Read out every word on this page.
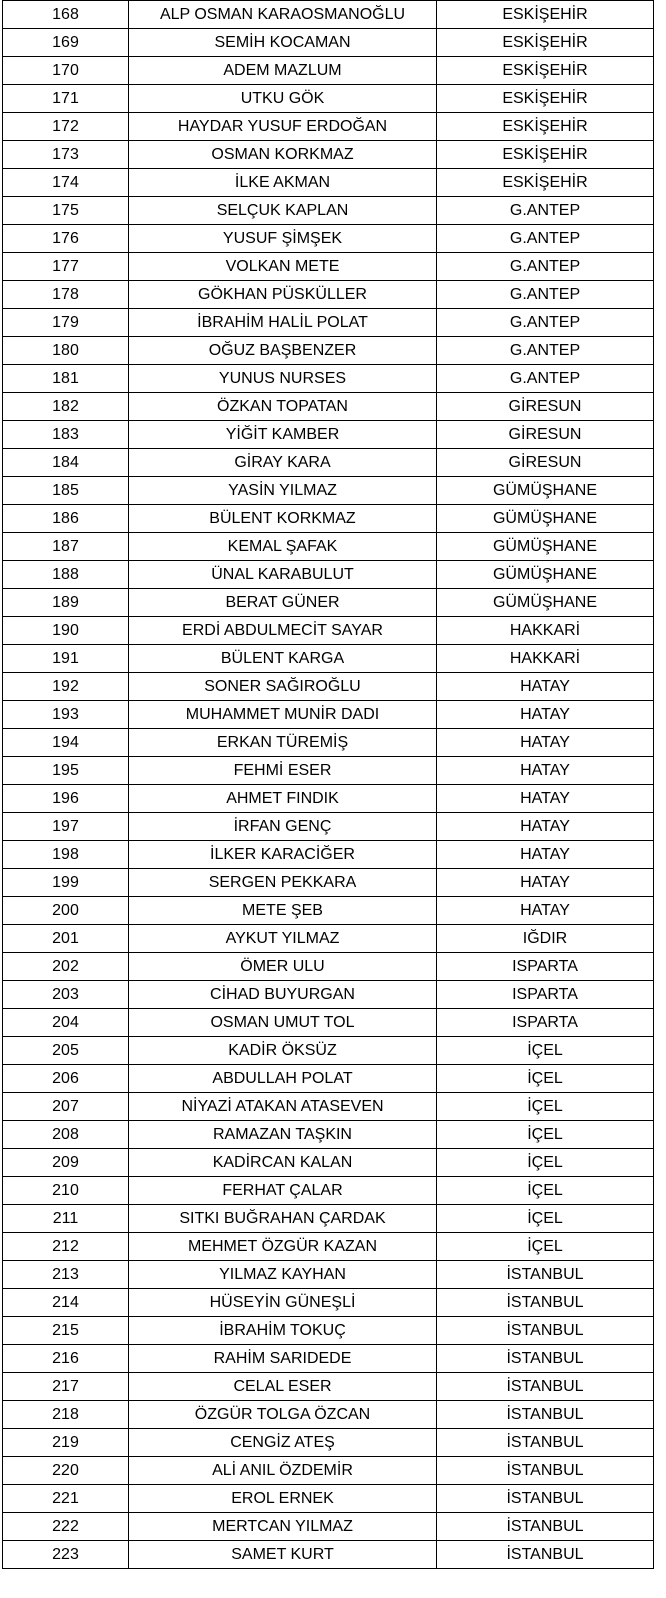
168	ALP OSMAN KARAOSMANOĞLU	ESKİŞEHİR
169	SEMİH KOCAMAN	ESKİŞEHİR
170	ADEM MAZLUM	ESKİŞEHİR
171	UTKU GÖK	ESKİŞEHİR
172	HAYDAR YUSUF ERDOĞAN	ESKİŞEHİR
173	OSMAN KORKMAZ	ESKİŞEHİR
174	İLKE AKMAN	ESKİŞEHİR
175	SELÇUK KAPLAN	G.ANTEP
176	YUSUF ŞİMŞEK	G.ANTEP
177	VOLKAN METE	G.ANTEP
178	GÖKHAN PÜSKÜLLER	G.ANTEP
179	İBRAHİM HALİL POLAT	G.ANTEP
180	OĞUZ BAŞBENZER	G.ANTEP
181	YUNUS NURSES	G.ANTEP
182	ÖZKAN TOPATAN	GİRESUN
183	YİĞİT KAMBER	GİRESUN
184	GİRAY KARA	GİRESUN
185	YASİN YILMAZ	GÜMÜŞHANE
186	BÜLENT KORKMAZ	GÜMÜŞHANE
187	KEMAL ŞAFAK	GÜMÜŞHANE
188	ÜNAL KARABULUT	GÜMÜŞHANE
189	BERAT GÜNER	GÜMÜŞHANE
190	ERDİ ABDULMECİT SAYAR	HAKKARİ
191	BÜLENT KARGA	HAKKARİ
192	SONER SAĞIROĞLU	HATAY
193	MUHAMMET MUNİR DADI	HATAY
194	ERKAN TÜREMİŞ	HATAY
195	FEHMİ ESER	HATAY
196	AHMET FINDIK	HATAY
197	İRFAN GENÇ	HATAY
198	İLKER KARACİĞER	HATAY
199	SERGEN PEKKARA	HATAY
200	METE ŞEB	HATAY
201	AYKUT YILMAZ	IĞDIR
202	ÖMER ULU	ISPARTA
203	CİHAD BUYURGAN	ISPARTA
204	OSMAN UMUT TOL	ISPARTA
205	KADİR ÖKSÜZ	İÇEL
206	ABDULLAH POLAT	İÇEL
207	NİYAZİ ATAKAN ATASEVEN	İÇEL
208	RAMAZAN TAŞKIN	İÇEL
209	KADİRCAN KALAN	İÇEL
210	FERHAT ÇALAR	İÇEL
211	SITKI BUĞRAHAN ÇARDAK	İÇEL
212	MEHMET ÖZGÜR KAZAN	İÇEL
213	YILMAZ KAYHAN	İSTANBUL
214	HÜSEYİN GÜNEŞLİ	İSTANBUL
215	İBRAHİM TOKUÇ	İSTANBUL
216	RAHİM SARIDEDE	İSTANBUL
217	CELAL ESER	İSTANBUL
218	ÖZGÜR TOLGA ÖZCAN	İSTANBUL
219	CENGİZ ATEŞ	İSTANBUL
220	ALİ ANIL ÖZDEMİR	İSTANBUL
221	EROL ERNEK	İSTANBUL
222	MERTCAN YILMAZ	İSTANBUL
223	SAMET KURT	İSTANBUL
